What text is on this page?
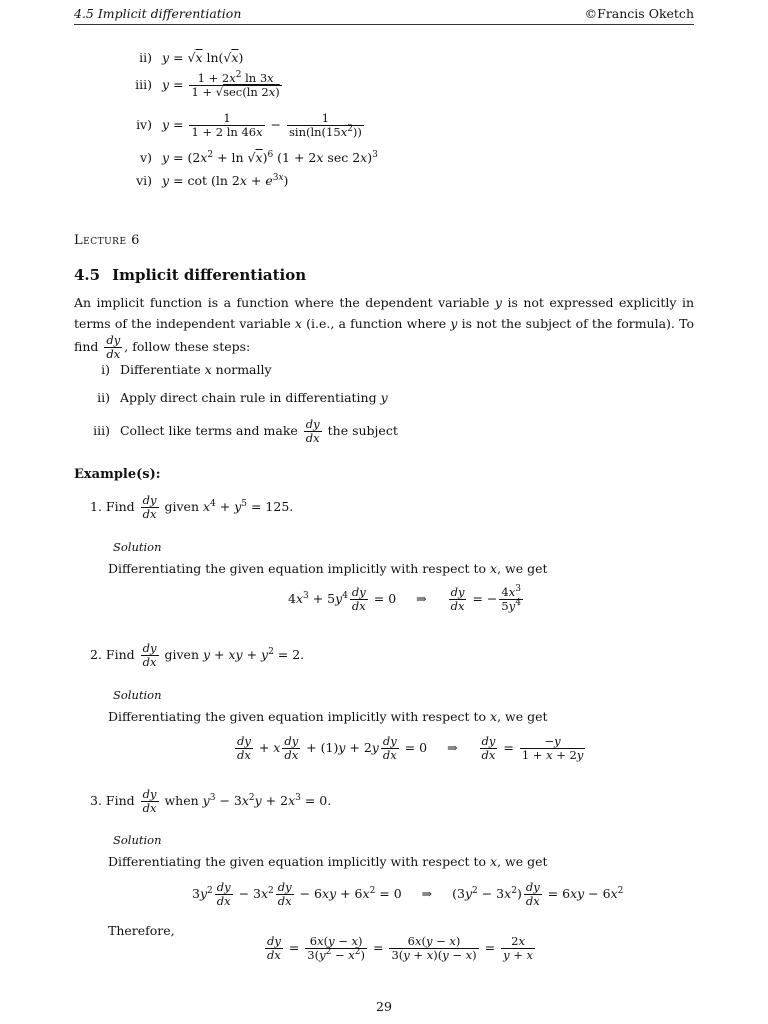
4.5 Implicit differentiation	©Francis Oketch
ii) y = √x ln(√x)
iii) $y = \frac{1 + 2x^2 \ln 3x}{1 + √\sec(\ln 2x)}$
iv) $y = \frac{1}{1 + 2 \ln 46x} - \frac{1}{\sin(\ln(15x^2))}$
v) $y = (2x^2 + \ln √x)^6$ (1 + 2x sec 2x)$^3$
vi) y = cot (ln $2x + e^{3x}$)
Lecture 6
4.5 Implicit differentiation
An implicit function is a function where the dependent variable y is not expressed explicitly in terms of the independent variable x (i.e., a function where y is not the subject of the formula). To find $\frac{dy}{dx}$ , follow these steps:
i) Differentiate x normally
ii) Apply direct chain rule in differentiating y
iii) Collect like terms and make $\frac{dy}{dx}$ the subject
Example(s):
1. Find $\frac{dy}{dx}$ given $x^4 + y^5 = 125$.
Solution
Differentiating the given equation implicitly with respect to x, we get
$4x^3 + 5y^4 \frac{dy}{dx} = 0$ ⇒ $\frac{dy}{dx}$ = − $\frac{4x^3}{5y^4}$
2. Find $\frac{dy}{dx}$ given y + xy + $y^2 = 2$.
Solution
Differentiating the given equation implicitly with respect to x, we get
$\frac{dy}{dx} + x \frac{dy}{dx} + (1)y + 2y \frac{dy}{dx} = 0$ ⇒ $\frac{dy}{dx} = \frac{-y}{1 + x + 2y}$
3. Find $\frac{dy}{dx}$ when $y^3 - 3x^2y + 2x^3 = 0$.
Solution
Differentiating the given equation implicitly with respect to x, we get
$3y^2 \frac{dy}{dx} - 3x^2 \frac{dy}{dx} - 6xy + 6x^2 = 0$ ⇒ $(3y^2 - 3x^2) \frac{dy}{dx} = 6xy - 6x^2$
Therefore,
$\frac{dy}{dx} = \frac{6x(y - x)}{3(y^2 - x^2)} = \frac{6x(y - x)}{3(y + x)(y - x)} = \frac{2x}{y + x}$
29
